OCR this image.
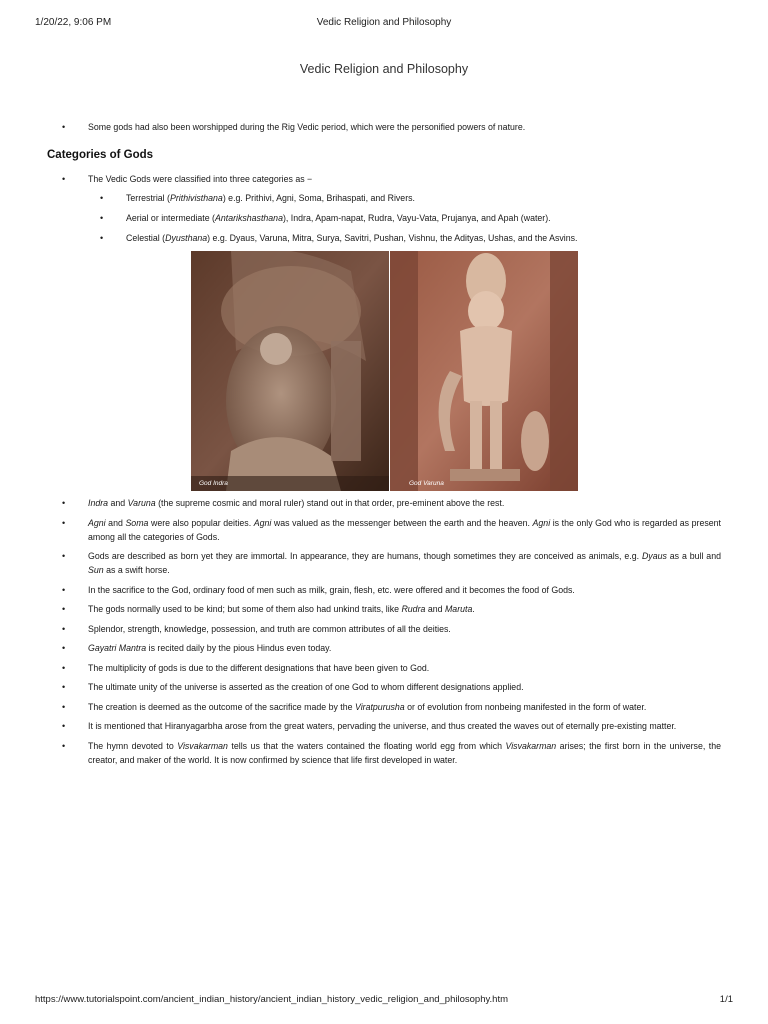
1/20/22, 9:06 PM	Vedic Religion and Philosophy
Vedic Religion and Philosophy
• Some gods had also been worshipped during the Rig Vedic period, which were the personified powers of nature.
Categories of Gods
• The Vedic Gods were classified into three categories as −
• Terrestrial (Prithivisthana) e.g. Prithivi, Agni, Soma, Brihaspati, and Rivers.
• Aerial or intermediate (Antarikshasthana), Indra, Apam-napat, Rudra, Vayu-Vata, Prujanya, and Apah (water).
• Celestial (Dyusthana) e.g. Dyaus, Varuna, Mitra, Surya, Savitri, Pushan, Vishnu, the Adityas, Ushas, and the Asvins.
God Indra	God Varuna
• Indra and Varuna (the supreme cosmic and moral ruler) stand out in that order, pre-eminent above the rest.
• Agni and Soma were also popular deities. Agni was valued as the messenger between the earth and the heaven. Agni is the only God who is regarded as present among all the categories of Gods.
• Gods are described as born yet they are immortal. In appearance, they are humans, though sometimes they are conceived as animals, e.g. Dyaus as a bull and Sun as a swift horse.
• In the sacrifice to the God, ordinary food of men such as milk, grain, flesh, etc. were offered and it becomes the food of Gods.
• The gods normally used to be kind; but some of them also had unkind traits, like Rudra and Maruta.
• Splendor, strength, knowledge, possession, and truth are common attributes of all the deities.
• Gayatri Mantra is recited daily by the pious Hindus even today.
• The multiplicity of gods is due to the different designations that have been given to God.
• The ultimate unity of the universe is asserted as the creation of one God to whom different designations applied.
• The creation is deemed as the outcome of the sacrifice made by the Viratpurusha or of evolution from nonbeing manifested in the form of water.
• It is mentioned that Hiranyagarbha arose from the great waters, pervading the universe, and thus created the waves out of eternally pre-existing matter.
• The hymn devoted to Visvakarman tells us that the waters contained the floating world egg from which Visvakarman arises; the first born in the universe, the creator, and maker of the world. It is now confirmed by science that life first developed in water.
https://www.tutorialspoint.com/ancient_indian_history/ancient_indian_history_vedic_religion_and_philosophy.htm	1/1
